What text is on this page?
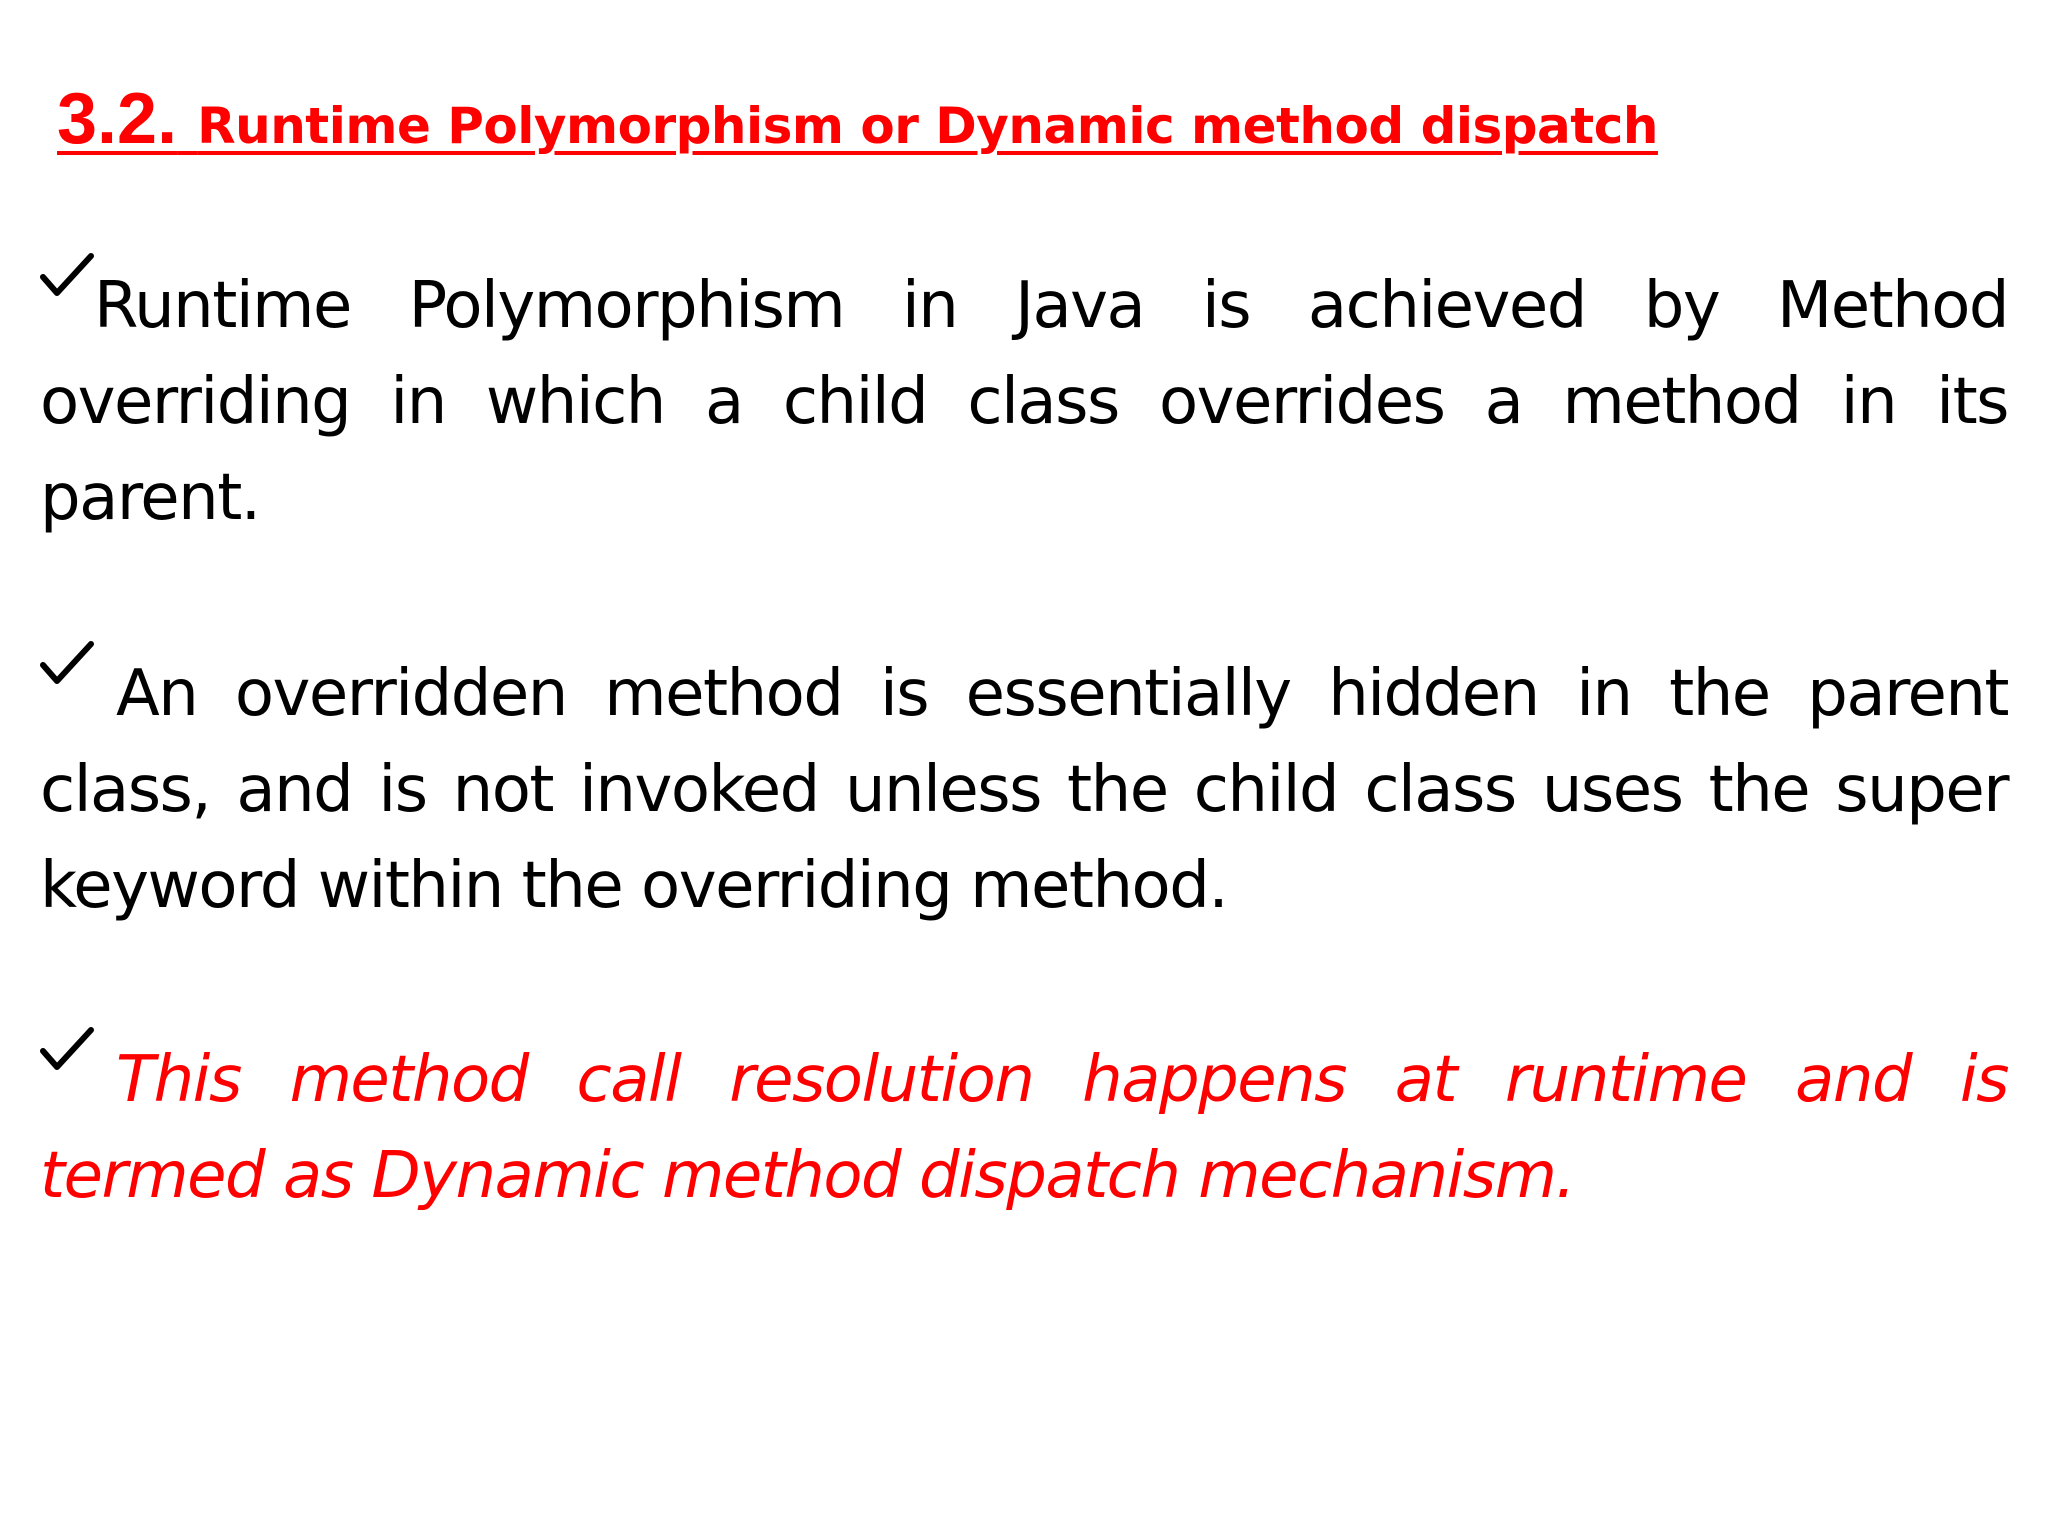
3.2. Runtime Polymorphism or Dynamic method dispatch
Runtime Polymorphism in Java is achieved by Method overriding in which a child class overrides a method in its parent.
An overridden method is essentially hidden in the parent class, and is not invoked unless the child class uses the super keyword within the overriding method.
This method call resolution happens at runtime and is termed as Dynamic method dispatch mechanism.
